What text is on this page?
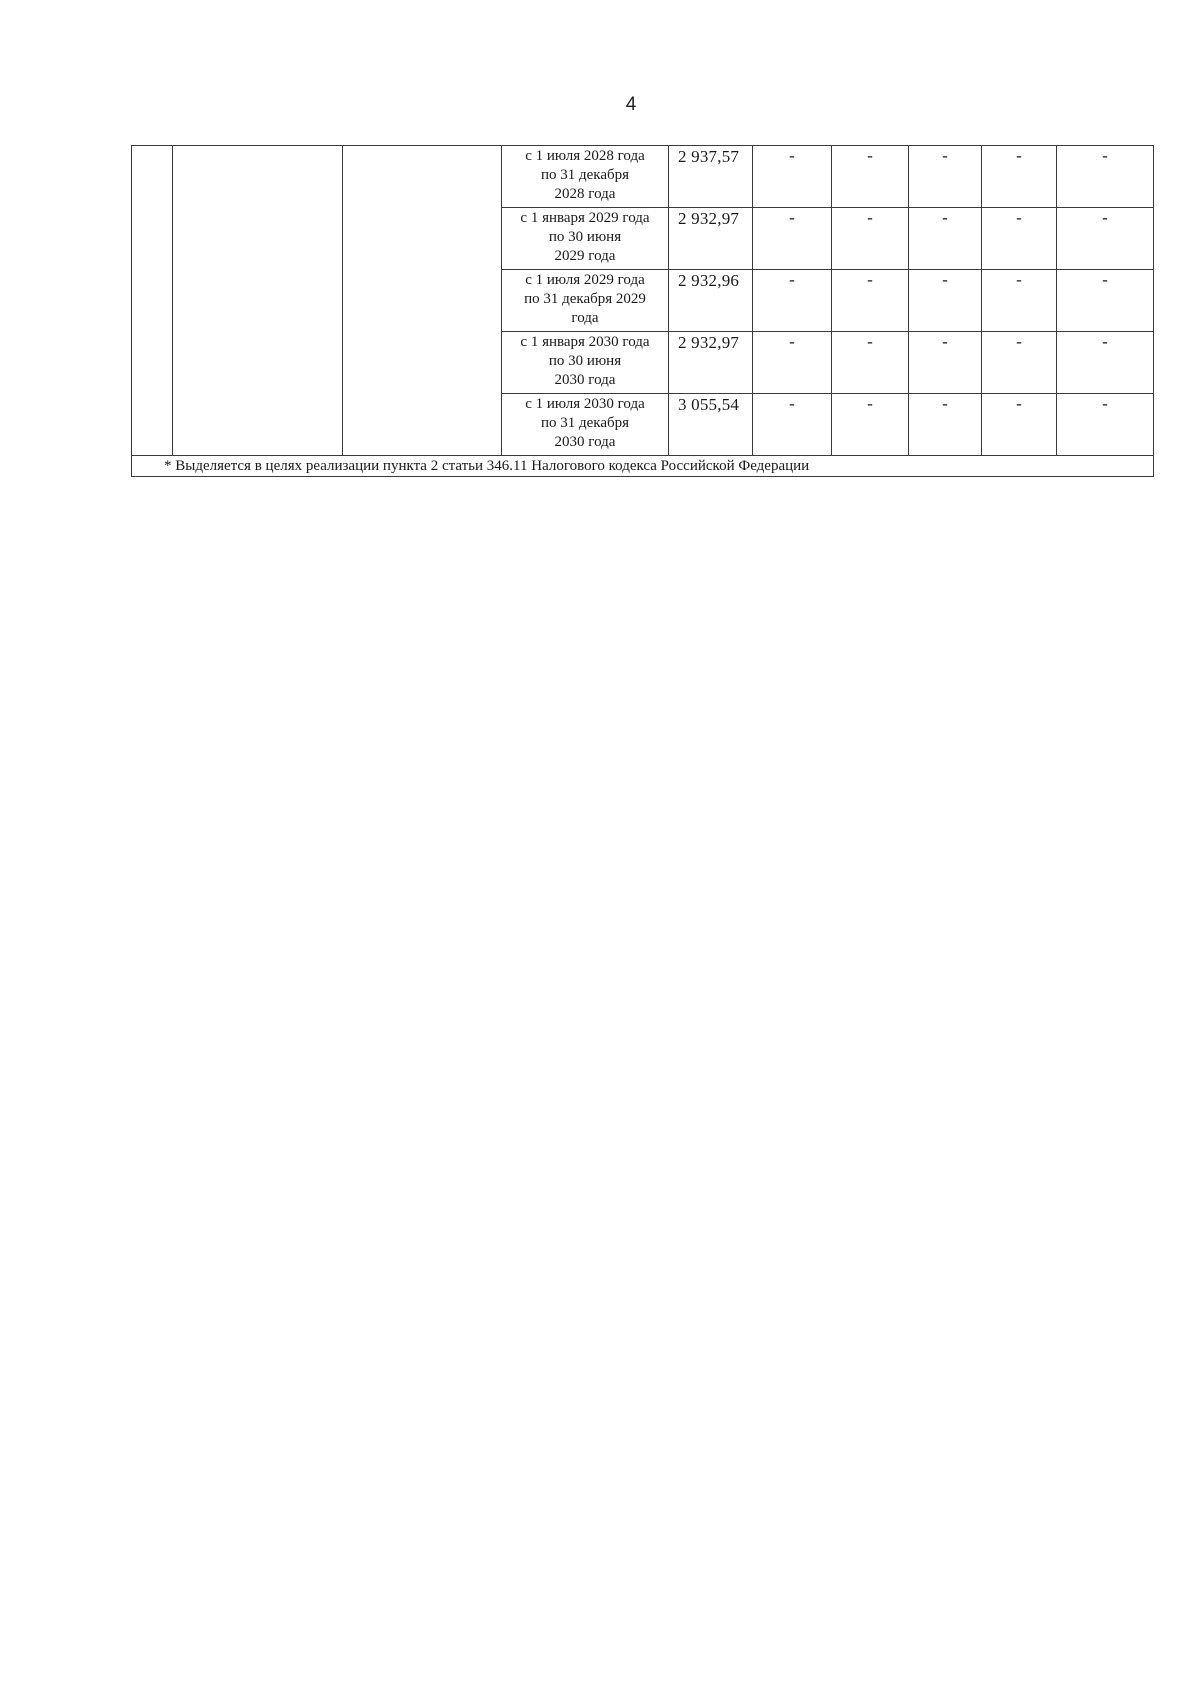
4

			с 1 июля 2028 года
по 31 декабря
2028 года	2 937,57	-	-	-	-	-

			с 1 января 2029 года
по 30 июня
2029 года	2 932,97	-	-	-	-	-

			с 1 июля 2029 года
по 31 декабря 2029
года	2 932,96	-	-	-	-	-

			с 1 января 2030 года
по 30 июня
2030 года	2 932,97	-	-	-	-	-

			с 1 июля 2030 года
по 31 декабря
2030 года	3 055,54	-	-	-	-	-
* Выделяется в целях реализации пункта 2 статьи 346.11 Налогового кодекса Российской Федерации									
